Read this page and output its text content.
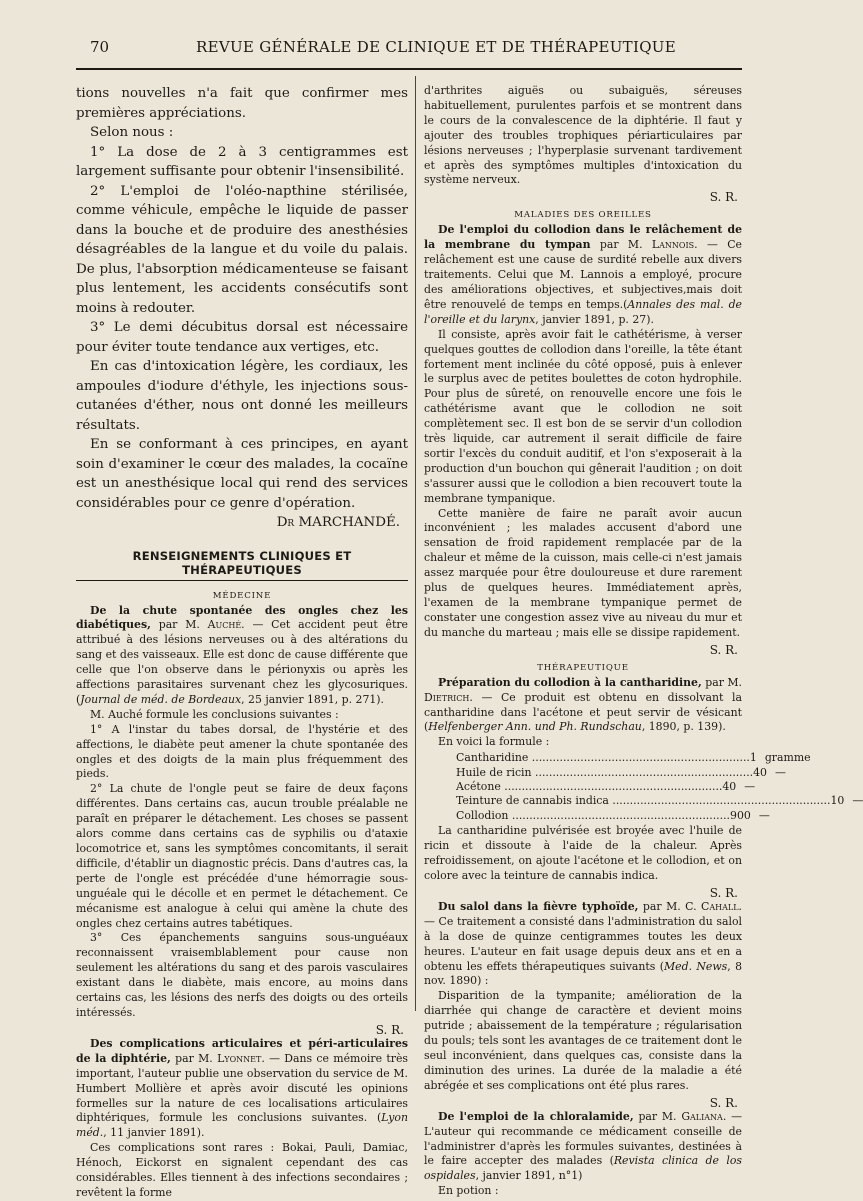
70	REVUE GÉNÉRALE DE CLINIQUE ET DE THÉRAPEUTIQUE

tions nouvelles n'a fait que confirmer mes premières appréciations.

Selon nous :

1° La dose de 2 à 3 centigrammes est largement suffisante pour obtenir l'insensibilité.

2° L'emploi de l'oléo-napthine stérilisée, comme véhicule, empêche le liquide de passer dans la bouche et de produire des anesthésies désagréables de la langue et du voile du palais. De plus, l'absorption médicamenteuse se faisant plus lentement, les accidents consécutifs sont moins à redouter.

3° Le demi décubitus dorsal est nécessaire pour éviter toute tendance aux vertiges, etc.

En cas d'intoxication légère, les cordiaux, les ampoules d'iodure d'éthyle, les injections sous-cutanées d'éther, nous ont donné les meilleurs résultats.

En se conformant à ces principes, en ayant soin d'examiner le cœur des malades, la cocaïne est un anesthésique local qui rend des services considérables pour ce genre d'opération.

Dr MARCHANDÉ.

RENSEIGNEMENTS CLINIQUES ET THÉRAPEUTIQUES
MÉDECINE

De la chute spontanée des ongles chez les diabétiques, par M. Auché. — Cet accident peut être attribué à des lésions nerveuses ou à des altérations du sang et des vaisseaux. Elle est donc de cause différente que celle que l'on observe dans le périonyxis ou après les affections parasitaires survenant chez les glycosuriques. (Journal de méd. de Bordeaux, 25 janvier 1891, p. 271).

M. Auché formule les conclusions suivantes :

1° A l'instar du tabes dorsal, de l'hystérie et des affections, le diabète peut amener la chute spontanée des ongles et des doigts de la main plus fréquemment des pieds.

2° La chute de l'ongle peut se faire de deux façons différentes. Dans certains cas, aucun trouble préalable ne paraît en préparer le détachement. Les choses se passent alors comme dans certains cas de syphilis ou d'ataxie locomotrice et, sans les symptômes concomitants, il serait difficile, d'établir un diagnostic précis. Dans d'autres cas, la perte de l'ongle est précédée d'une hémorragie sous-unguéale qui le décolle et en permet le détachement. Ce mécanisme est analogue à celui qui amène la chute des ongles chez certains autres tabétiques.

3° Ces épanchements sanguins sous-unguéaux reconnaissent vraisemblablement pour cause non seulement les altérations du sang et des parois vasculaires existant dans le diabète, mais encore, au moins dans certains cas, les lésions des nerfs des doigts ou des orteils intéressés.

S. R.

Des complications articulaires et péri-articulaires de la diphtérie, par M. Lyonnet. — Dans ce mémoire très important, l'auteur publie une observation du service de M. Humbert Mollière et après avoir discuté les opinions formelles sur la nature de ces localisations articulaires diphtériques, formule les conclusions suivantes. (Lyon méd., 11 janvier 1891).

Ces complications sont rares : Bokai, Pauli, Damiac, Hénoch, Eickorst en signalent cependant des cas considérables. Elles tiennent à des infections secondaires ; revêtent la forme

d'arthrites aiguës ou subaiguës, séreuses habituellement, purulentes parfois et se montrent dans le cours de la convalescence de la diphtérie. Il faut y ajouter des troubles trophiques périarticulaires par lésions nerveuses ; l'hyperplasie survenant tardivement et après des symptômes multiples d'intoxication du système nerveux.

S. R.

MALADIES DES OREILLES

De l'emploi du collodion dans le relâchement de la membrane du tympan par M. Lannois. — Ce relâchement est une cause de surdité rebelle aux divers traitements. Celui que M. Lannois a employé, procure des améliorations objectives, et subjectives,mais doit être renouvelé de temps en temps.(Annales des mal. de l'oreille et du larynx, janvier 1891, p. 27).

Il consiste, après avoir fait le cathétérisme, à verser quelques gouttes de collodion dans l'oreille, la tête étant fortement ment inclinée du côté opposé, puis à enlever le surplus avec de petites boulettes de coton hydrophile. Pour plus de sûreté, on renouvelle encore une fois le cathétérisme avant que le collodion ne soit complètement sec. Il est bon de se servir d'un collodion très liquide, car autrement il serait difficile de faire sortir l'excès du conduit auditif, et l'on s'exposerait à la production d'un bouchon qui gênerait l'audition ; on doit s'assurer aussi que le collodion a bien recouvert toute la membrane tympanique.

Cette manière de faire ne paraît avoir aucun inconvénient ; les malades accusent d'abord une sensation de froid rapidement remplacée par de la chaleur et même de la cuisson, mais celle-ci n'est jamais assez marquée pour être douloureuse et dure rarement plus de quelques heures. Immédiatement après, l'examen de la membrane tympanique permet de constater une congestion assez vive au niveau du mur et du manche du marteau ; mais elle se dissipe rapidement.

S. R.

THÉRAPEUTIQUE

Préparation du collodion à la cantharidine, par M. Dietrich. — Ce produit est obtenu en dissolvant la cantharidine dans l'acétone et peut servir de vésicant (Helfenberger Ann. und Ph. Rundschau, 1890, p. 139).

En voici la formule :

Cantharidine .....	1 gramme
Huile de ricin .....	40 —
Acétone .....	40 —
Teinture de cannabis indica .....	10 —
Collodion .....	900 —

La cantharidine pulvérisée est broyée avec l'huile de ricin et dissoute à l'aide de la chaleur. Après refroidissement, on ajoute l'acétone et le collodion, et on colore avec la teinture de cannabis indica.

S. R.

Du salol dans la fièvre typhoïde, par M. C. Cahall. — Ce traitement a consisté dans l'administration du salol à la dose de quinze centigrammes toutes les deux heures. L'auteur en fait usage depuis deux ans et en a obtenu les effets thérapeutiques suivants (Med. News, 8 nov. 1890) :

Disparition de la tympanite; amélioration de la diarrhée qui change de caractère et devient moins putride ; abaissement de la température ; régularisation du pouls; tels sont les avantages de ce traitement dont le seul inconvénient, dans quelques cas, consiste dans la diminution des urines. La durée de la maladie a été abrégée et ses complications ont été plus rares.

S. R.

De l'emploi de la chloralamide, par M. Galiana. — L'auteur qui recommande ce médicament conseille de l'administrer d'après les formules suivantes, destinées à le faire accepter des malades (Revista clinica de los ospidales, janvier 1891, n°1)

En potion :
